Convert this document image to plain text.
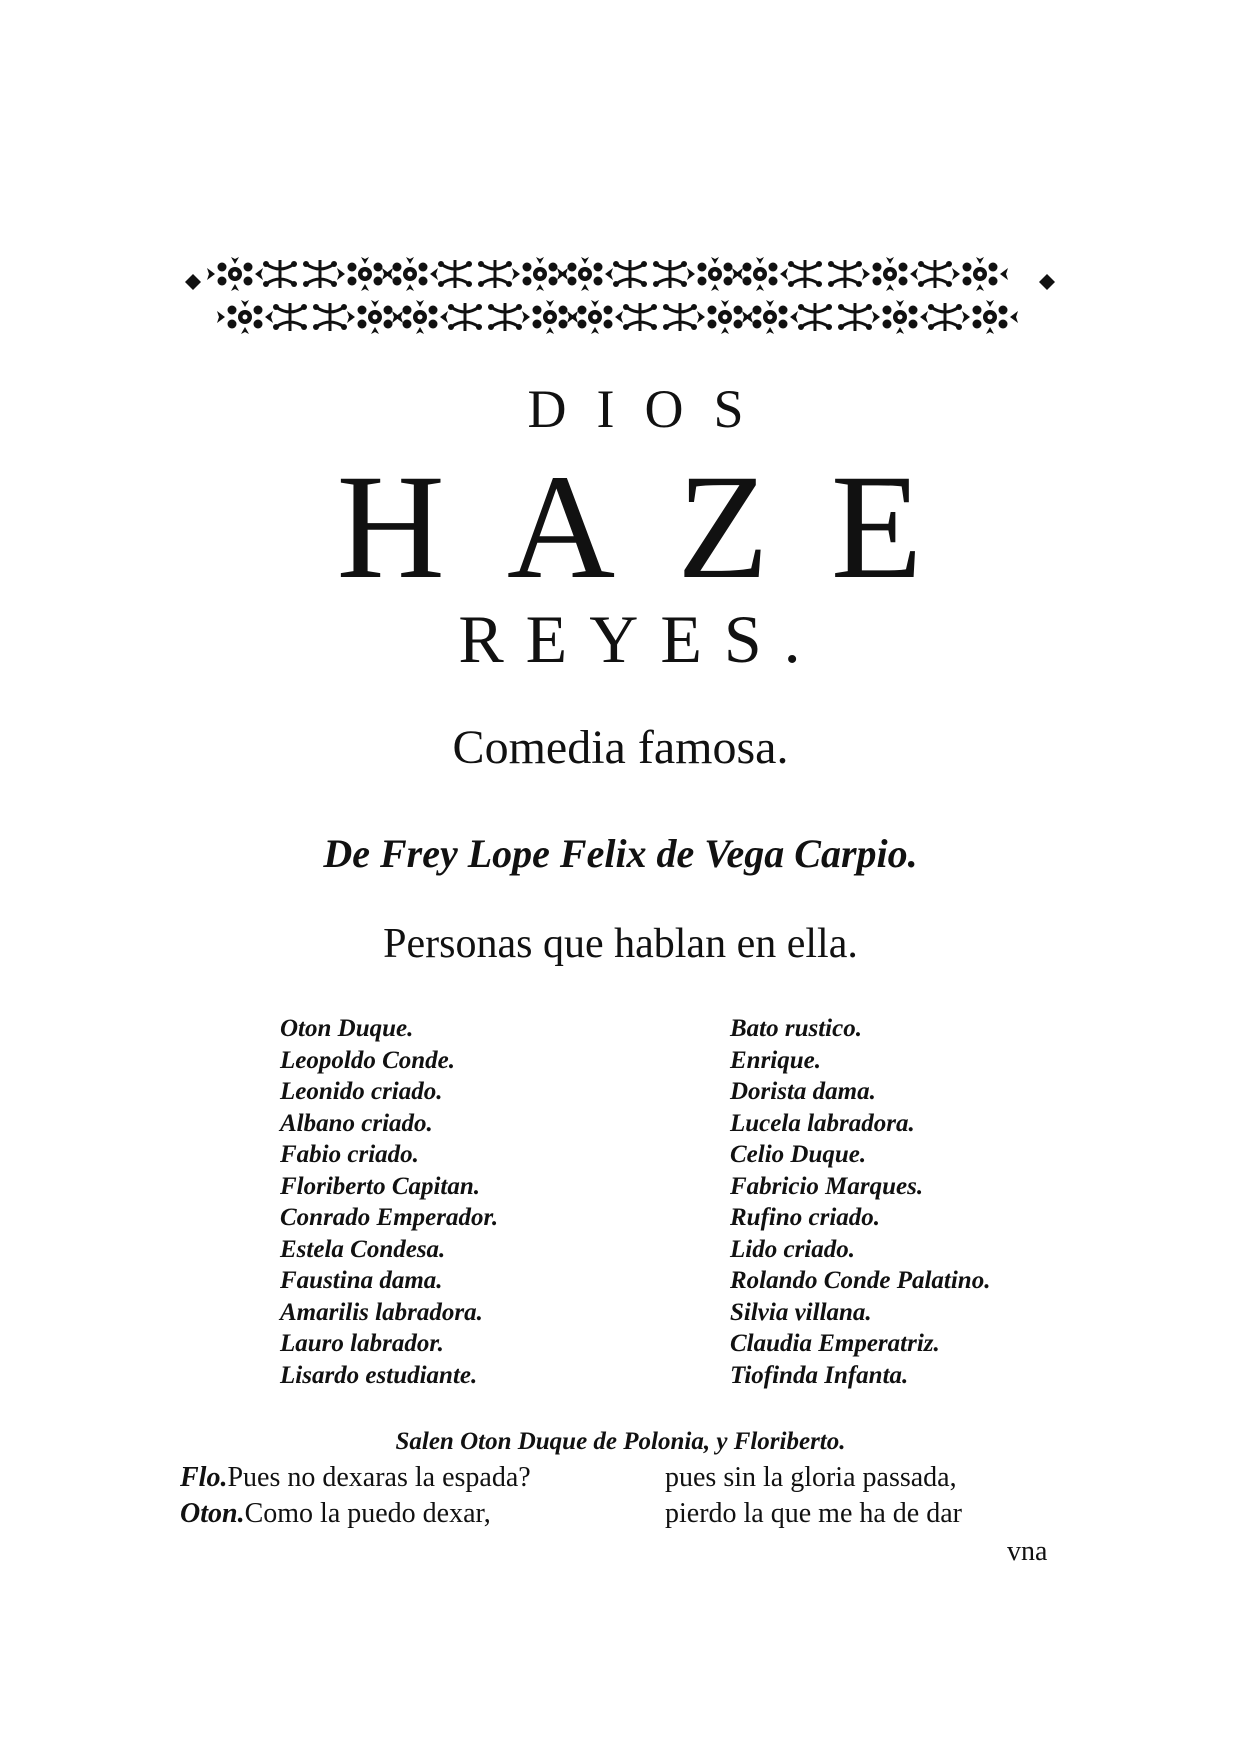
DIOS
HAZE
REYES.
Comedia famosa.
De Frey Lope Felix de Vega Carpio.
Personas que hablan en ella.
Oton Duque.
Leopoldo Conde.
Leonido criado.
Albano criado.
Fabio criado.
Floriberto Capitan.
Conrado Emperador.
Estela Condesa.
Faustina dama.
Amarilis labradora.
Lauro labrador.
Lisardo estudiante.
Bato rustico.
Enrique.
Dorista dama.
Lucela labradora.
Celio Duque.
Fabricio Marques.
Rufino criado.
Lido criado.
Rolando Conde Palatino.
Silvia villana.
Claudia Emperatriz.
Tiofinda Infanta.
Salen Oton Duque de Polonia, y Floriberto.
Flo.Pues no dexaras la espada?
Oton.Como la puedo dexar,
pues sin la gloria passada,
pierdo la que me ha de dar
vna
